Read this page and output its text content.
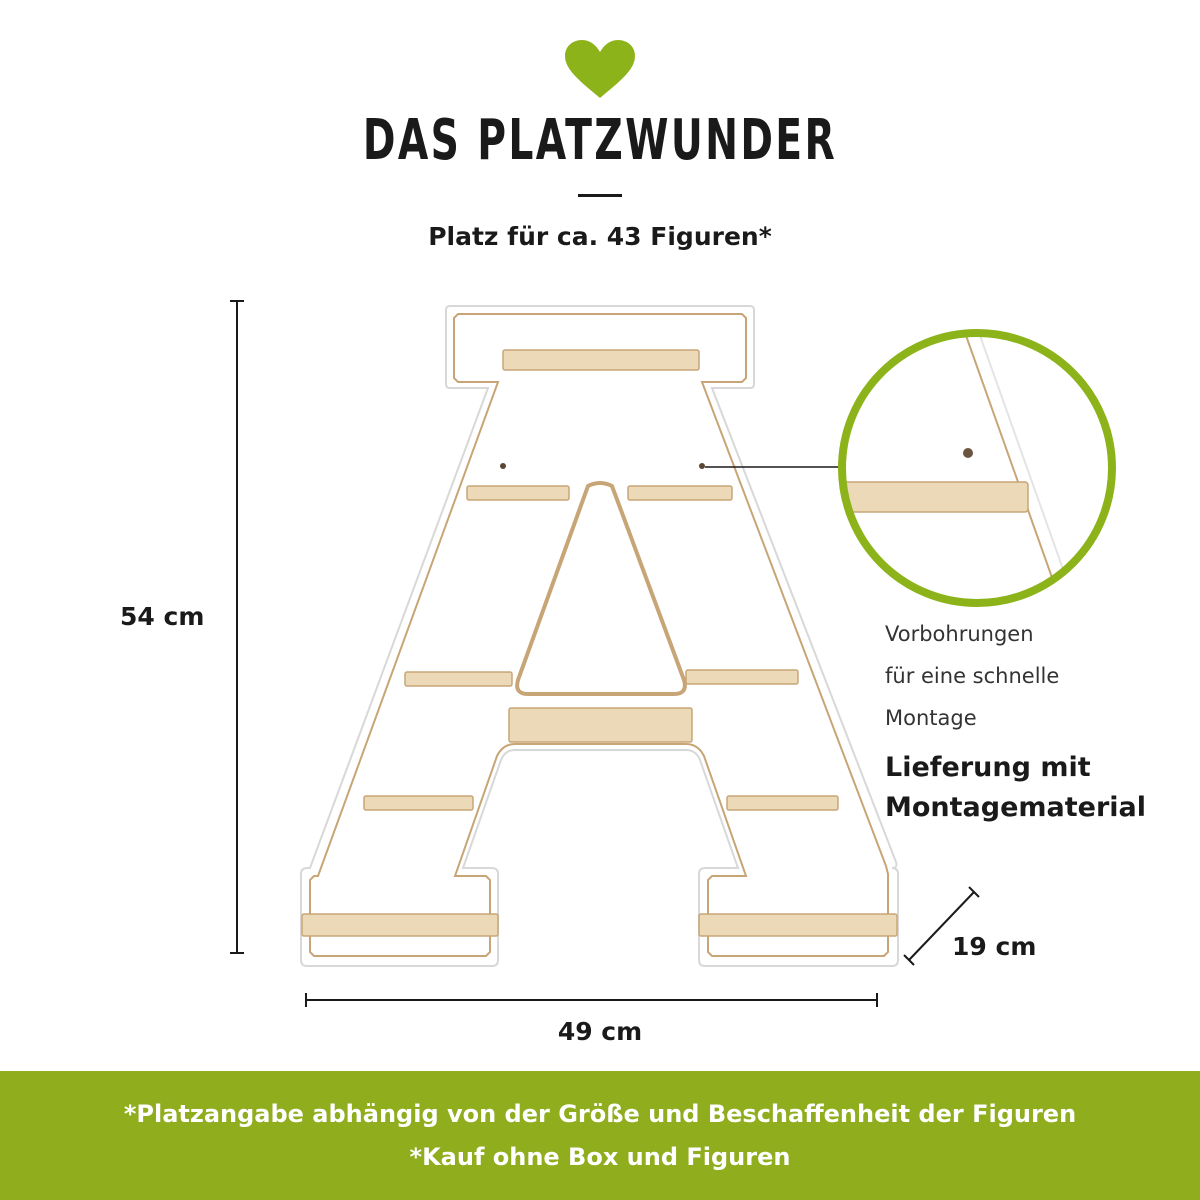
DAS PLATZWUNDER
Platz für ca. 43 Figuren*
54 cm
49 cm
19 cm
Vorbohrungen
für eine schnelle
Montage
Lieferung mit
Montagematerial
*Platzangabe abhängig von der Größe und Beschaffenheit der Figuren
*Kauf ohne Box und Figuren
